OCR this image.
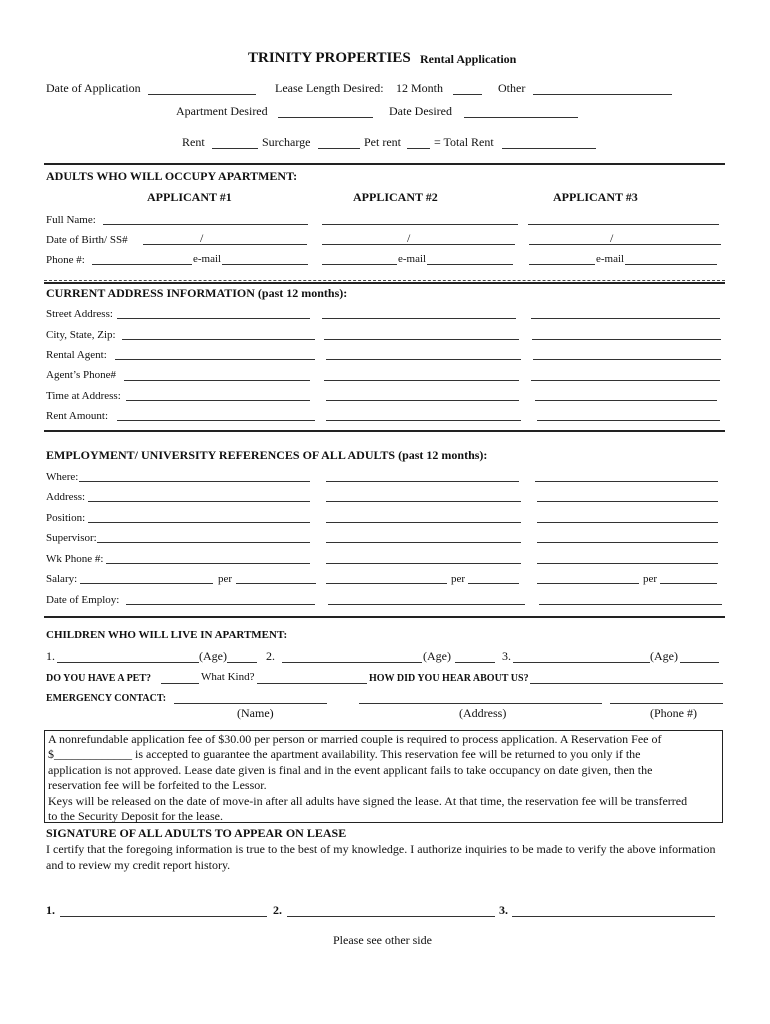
TRINITY PROPERTIES Rental Application
Date of Application	Lease Length Desired: 12 Month	Other
Apartment Desired	Date Desired
Rent	Surcharge	Pet rent	= Total Rent
ADULTS WHO WILL OCCUPY APARTMENT:
APPLICANT #1	APPLICANT #2	APPLICANT #3
Full Name:
Date of Birth/ SS#	/	/	/
Phone #:	e-mail	e-mail	e-mail
CURRENT ADDRESS INFORMATION (past 12 months):
Street Address:
City, State, Zip:
Rental Agent:
Agent’s Phone#
Time at Address:
Rent Amount:
EMPLOYMENT/ UNIVERSITY REFERENCES OF ALL ADULTS (past 12 months):
Where:
Address:
Position:
Supervisor:
Wk Phone #:
Salary:	per	per	per
Date of Employ:
CHILDREN WHO WILL LIVE IN APARTMENT:
1.	(Age)	2.	(Age)	3.	(Age)
DO YOU HAVE A PET?	What Kind?	HOW DID YOU HEAR ABOUT US?
EMERGENCY CONTACT:
(Name)	(Address)	(Phone #)

A nonrefundable application fee of $30.00 per person or married couple is required to process application. A Reservation Fee of

$_____________ is accepted to guarantee the apartment availability. This reservation fee will be returned to you only if the

application is not approved. Lease date given is final and in the event applicant fails to take occupancy on date given, then the

reservation fee will be forfeited to the Lessor.

Keys will be released on the date of move-in after all adults have signed the lease. At that time, the reservation fee will be transferred

to the Security Deposit for the lease.

SIGNATURE OF ALL ADULTS TO APPEAR ON LEASE
I certify that the foregoing information is true to the best of my knowledge. I authorize inquiries to be made to verify the above information and to review my credit report history.
1.	2.	3.
Please see other side
